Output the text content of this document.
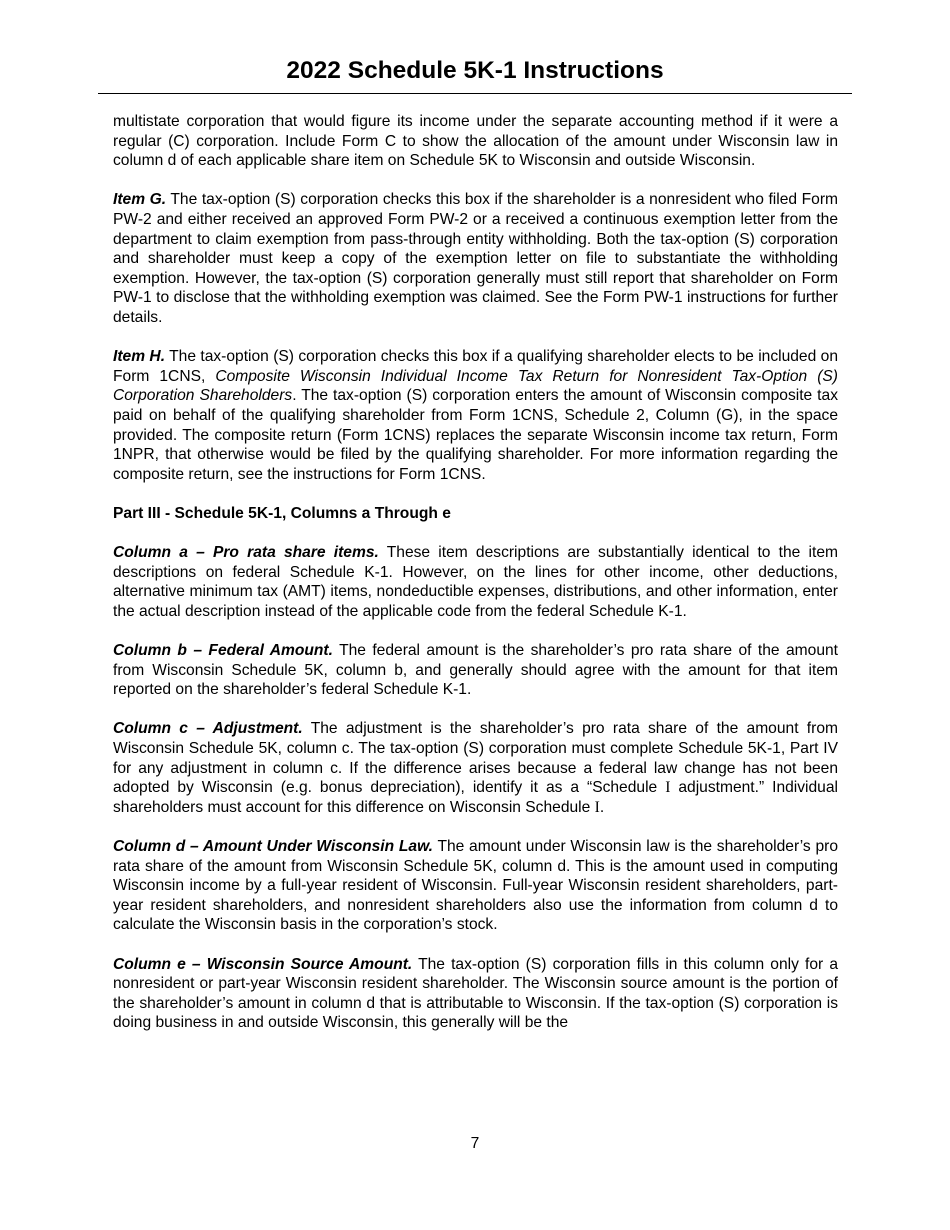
2022 Schedule 5K-1 Instructions

multistate corporation that would figure its income under the separate accounting method if it were a regular (C) corporation. Include Form C to show the allocation of the amount under Wisconsin law in column d of each applicable share item on Schedule 5K to Wisconsin and outside Wisconsin.

Item G. The tax-option (S) corporation checks this box if the shareholder is a nonresident who filed Form PW-2 and either received an approved Form PW-2 or a received a continuous exemption letter from the department to claim exemption from pass-through entity withholding. Both the tax-option (S) corporation and shareholder must keep a copy of the exemption letter on file to substantiate the withholding exemption. However, the tax-option (S) corporation generally must still report that shareholder on Form PW-1 to disclose that the withholding exemption was claimed. See the Form PW-1 instructions for further details.

Item H. The tax-option (S) corporation checks this box if a qualifying shareholder elects to be included on Form 1CNS, Composite Wisconsin Individual Income Tax Return for Nonresident Tax-Option (S) Corporation Shareholders. The tax-option (S) corporation enters the amount of Wisconsin composite tax paid on behalf of the qualifying shareholder from Form 1CNS, Schedule 2, Column (G), in the space provided. The composite return (Form 1CNS) replaces the separate Wisconsin income tax return, Form 1NPR, that otherwise would be filed by the qualifying shareholder. For more information regarding the composite return, see the instructions for Form 1CNS.

Part III - Schedule 5K-1, Columns a Through e

Column a – Pro rata share items. These item descriptions are substantially identical to the item descriptions on federal Schedule K-1. However, on the lines for other income, other deductions, alternative minimum tax (AMT) items, nondeductible expenses, distributions, and other information, enter the actual description instead of the applicable code from the federal Schedule K-1.

Column b – Federal Amount. The federal amount is the shareholder’s pro rata share of the amount from Wisconsin Schedule 5K, column b, and generally should agree with the amount for that item reported on the shareholder’s federal Schedule K-1.

Column c – Adjustment. The adjustment is the shareholder’s pro rata share of the amount from Wisconsin Schedule 5K, column c. The tax-option (S) corporation must complete Schedule 5K-1, Part IV for any adjustment in column c. If the difference arises because a federal law change has not been adopted by Wisconsin (e.g. bonus depreciation), identify it as a “Schedule I adjustment.” Individual shareholders must account for this difference on Wisconsin Schedule I.

Column d – Amount Under Wisconsin Law. The amount under Wisconsin law is the shareholder’s pro rata share of the amount from Wisconsin Schedule 5K, column d. This is the amount used in computing Wisconsin income by a full-year resident of Wisconsin. Full-year Wisconsin resident shareholders, part-year resident shareholders, and nonresident shareholders also use the information from column d to calculate the Wisconsin basis in the corporation’s stock.

Column e – Wisconsin Source Amount. The tax-option (S) corporation fills in this column only for a nonresident or part-year Wisconsin resident shareholder. The Wisconsin source amount is the portion of the shareholder’s amount in column d that is attributable to Wisconsin. If the tax-option (S) corporation is doing business in and outside Wisconsin, this generally will be the

7
